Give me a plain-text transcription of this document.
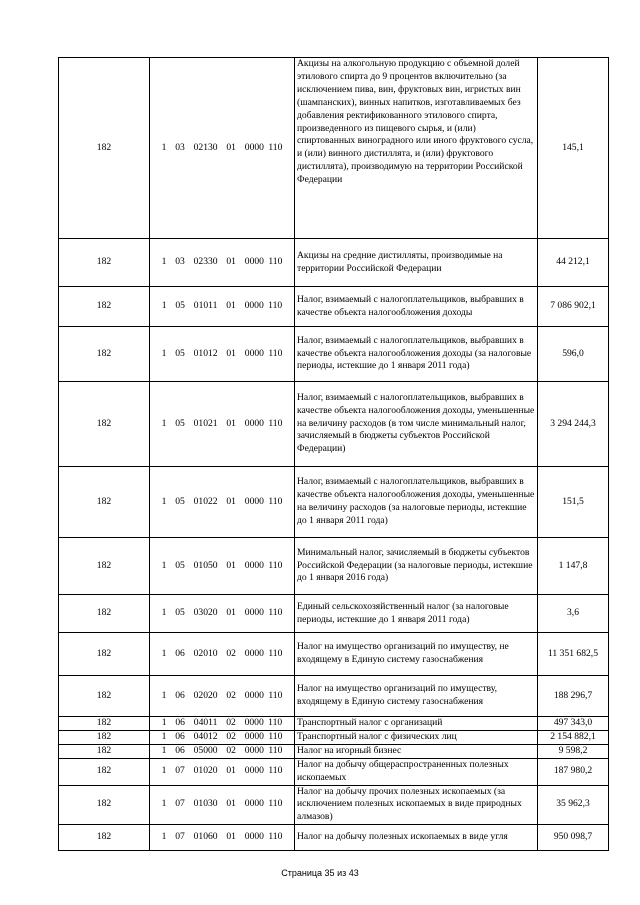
182	1  03  02130  01  0000 110	Акцизы на алкогольную продукцию с объемной долей этилового спирта до 9 процентов включительно (за исключением пива, вин, фруктовых вин, игристых вин (шампанских), винных напитков, изготавливаемых без добавления ректификованного этилового спирта, произведенного из пищевого сырья, и (или) спиртованных виноградного или иного фруктового сусла, и (или) винного дистиллята, и (или) фруктового дистиллята), производимую на территории Российской Федерации	145,1
182	1  03  02330  01  0000 110	Акцизы на средние дистилляты, производимые на территории Российской Федерации	44 212,1
182	1  05  01011  01  0000 110	Налог, взимаемый с налогоплательщиков, выбравших в качестве объекта налогообложения доходы	7 086 902,1
182	1  05  01012  01  0000 110	Налог, взимаемый с налогоплательщиков, выбравших в качестве объекта налогообложения доходы (за налоговые периоды, истекшие до 1 января 2011 года)	596,0
182	1  05  01021  01  0000 110	Налог, взимаемый с налогоплательщиков, выбравших в качестве объекта налогообложения доходы, уменьшенные на величину расходов (в том числе минимальный налог, зачисляемый в бюджеты субъектов Российской Федерации)	3 294 244,3
182	1  05  01022  01  0000 110	Налог, взимаемый с налогоплательщиков, выбравших в качестве объекта налогообложения доходы, уменьшенные на величину расходов (за налоговые периоды, истекшие до 1 января 2011 года)	151,5
182	1  05  01050  01  0000 110	Минимальный налог, зачисляемый в бюджеты субъектов Российской Федерации (за налоговые периоды, истекшие до 1 января 2016 года)	1 147,8
182	1  05  03020  01  0000 110	Единый сельскохозяйственный налог (за налоговые периоды, истекшие до 1 января 2011 года)	3,6
182	1  06  02010  02  0000 110	Налог на имущество организаций по имуществу, не входящему в Единую систему газоснабжения	11 351 682,5
182	1  06  02020  02  0000 110	Налог на имущество организаций по имуществу, входящему в Единую систему газоснабжения	188 296,7
182	1  06  04011  02  0000 110	Транспортный налог с организаций	497 343,0
182	1  06  04012  02  0000 110	Транспортный налог с физических лиц	2 154 882,1
182	1  06  05000  02  0000 110	Налог на игорный бизнес	9 598,2
182	1  07  01020  01  0000 110	Налог на добычу общераспространенных полезных ископаемых	187 980,2
182	1  07  01030  01  0000 110	Налог на добычу прочих полезных ископаемых (за исключением полезных ископаемых в виде природных алмазов)	35 962,3
182	1  07  01060  01  0000 110	Налог на добычу полезных ископаемых в виде угля	950 098,7
Страница 35 из 43
